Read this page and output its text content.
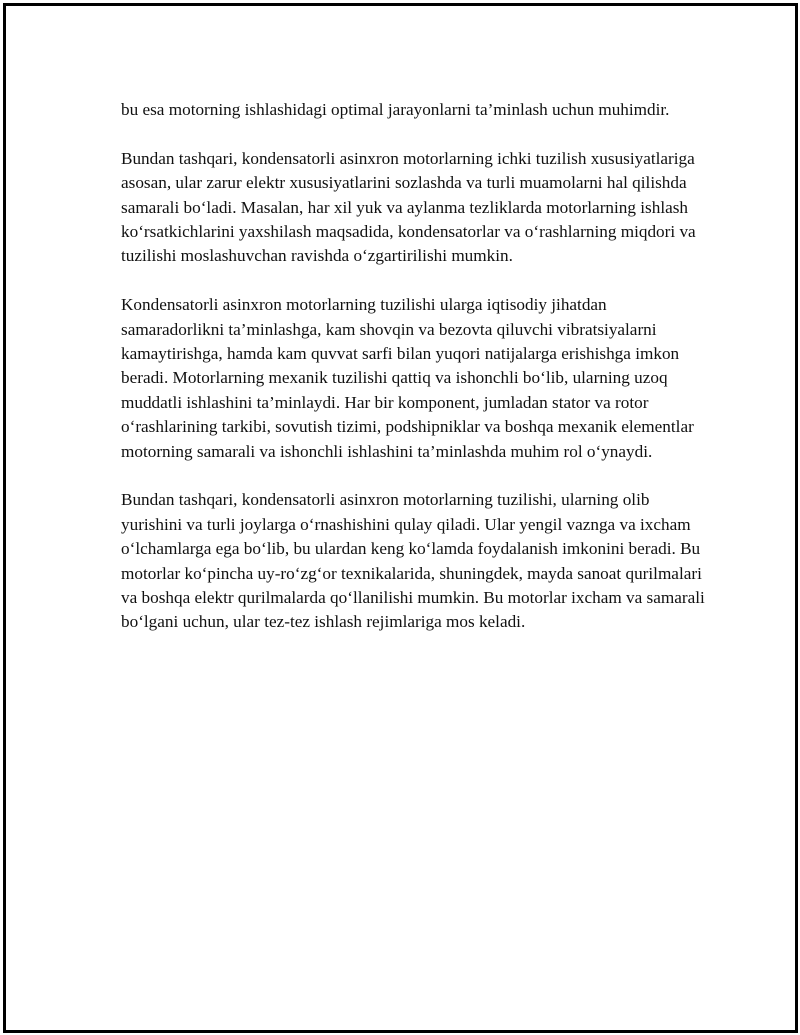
bu esa motorning ishlashidagi optimal jarayonlarni ta’minlash uchun muhimdir.

Bundan tashqari, kondensatorli asinxron motorlarning ichki tuzilish xususiyatlariga asosan, ular zarur elektr xususiyatlarini sozlashda va turli muamolarni hal qilishda samarali bo‘ladi. Masalan, har xil yuk va aylanma tezliklarda motorlarning ishlash ko‘rsatkichlarini yaxshilash maqsadida, kondensatorlar va o‘rashlarning miqdori va tuzilishi moslashuvchan ravishda o‘zgartirilishi mumkin.

Kondensatorli asinxron motorlarning tuzilishi ularga iqtisodiy jihatdan samaradorlikni ta’minlashga, kam shovqin va bezovta qiluvchi vibratsiyalarni kamaytirishga, hamda kam quvvat sarfi bilan yuqori natijalarga erishishga imkon beradi. Motorlarning mexanik tuzilishi qattiq va ishonchli bo‘lib, ularning uzoq muddatli ishlashini ta’minlaydi. Har bir komponent, jumladan stator va rotor o‘rashlarining tarkibi, sovutish tizimi, podshipniklar va boshqa mexanik elementlar motorning samarali va ishonchli ishlashini ta’minlashda muhim rol o‘ynaydi.

Bundan tashqari, kondensatorli asinxron motorlarning tuzilishi, ularning olib yurishini va turli joylarga o‘rnashishini qulay qiladi. Ular yengil vaznga va ixcham o‘lchamlarga ega bo‘lib, bu ulardan keng ko‘lamda foydalanish imkonini beradi. Bu motorlar ko‘pincha uy-ro‘zg‘or texnikalarida, shuningdek, mayda sanoat qurilmalari va boshqa elektr qurilmalarda qo‘llanilishi mumkin. Bu motorlar ixcham va samarali bo‘lgani uchun, ular tez-tez ishlash rejimlariga mos keladi.
